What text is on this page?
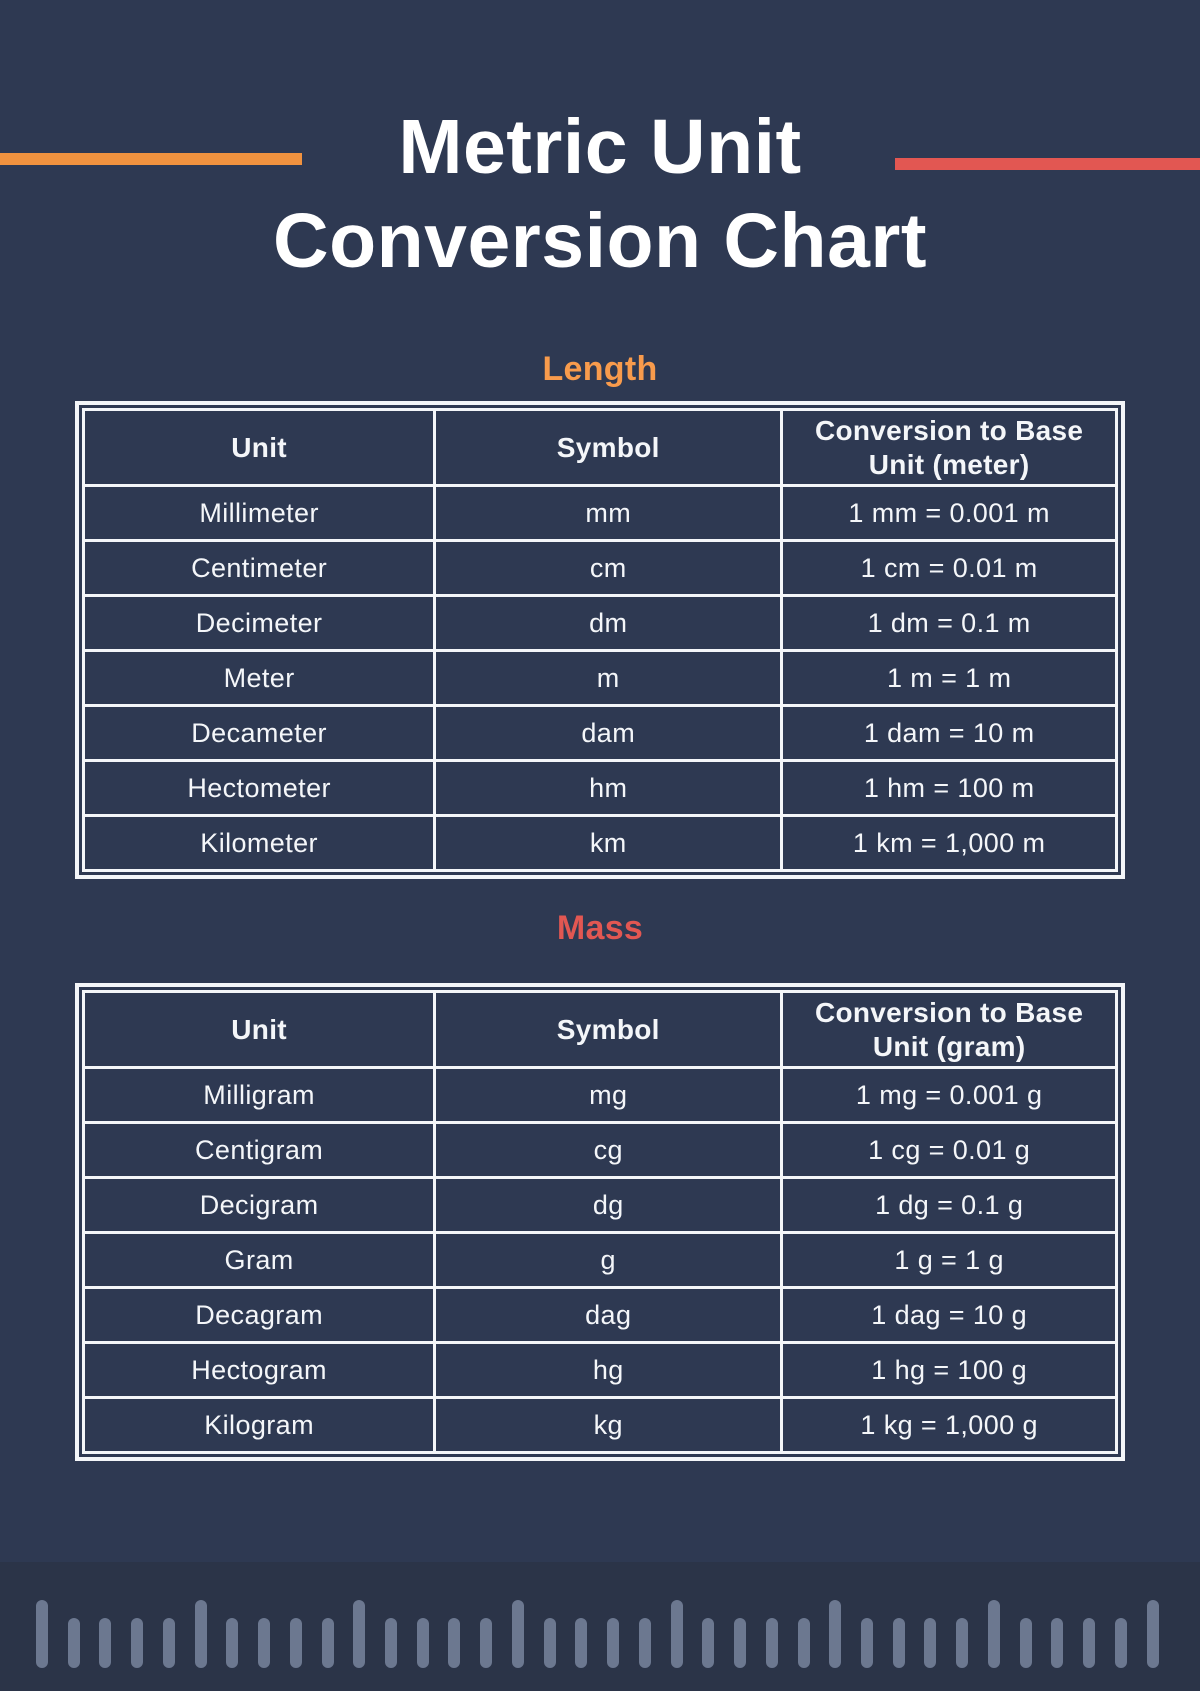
Metric Unit
Conversion Chart
Length
Unit	Symbol	Conversion to Base Unit (meter)
Millimeter	mm	1 mm = 0.001 m
Centimeter	cm	1 cm = 0.01 m
Decimeter	dm	1 dm = 0.1 m
Meter	m	1 m = 1 m
Decameter	dam	1 dam = 10 m
Hectometer	hm	1 hm = 100 m
Kilometer	km	1 km = 1,000 m
Mass
Unit	Symbol	Conversion to Base Unit (gram)
Milligram	mg	1 mg = 0.001 g
Centigram	cg	1 cg = 0.01 g
Decigram	dg	1 dg = 0.1 g
Gram	g	1 g = 1 g
Decagram	dag	1 dag = 10 g
Hectogram	hg	1 hg = 100 g
Kilogram	kg	1 kg = 1,000 g
